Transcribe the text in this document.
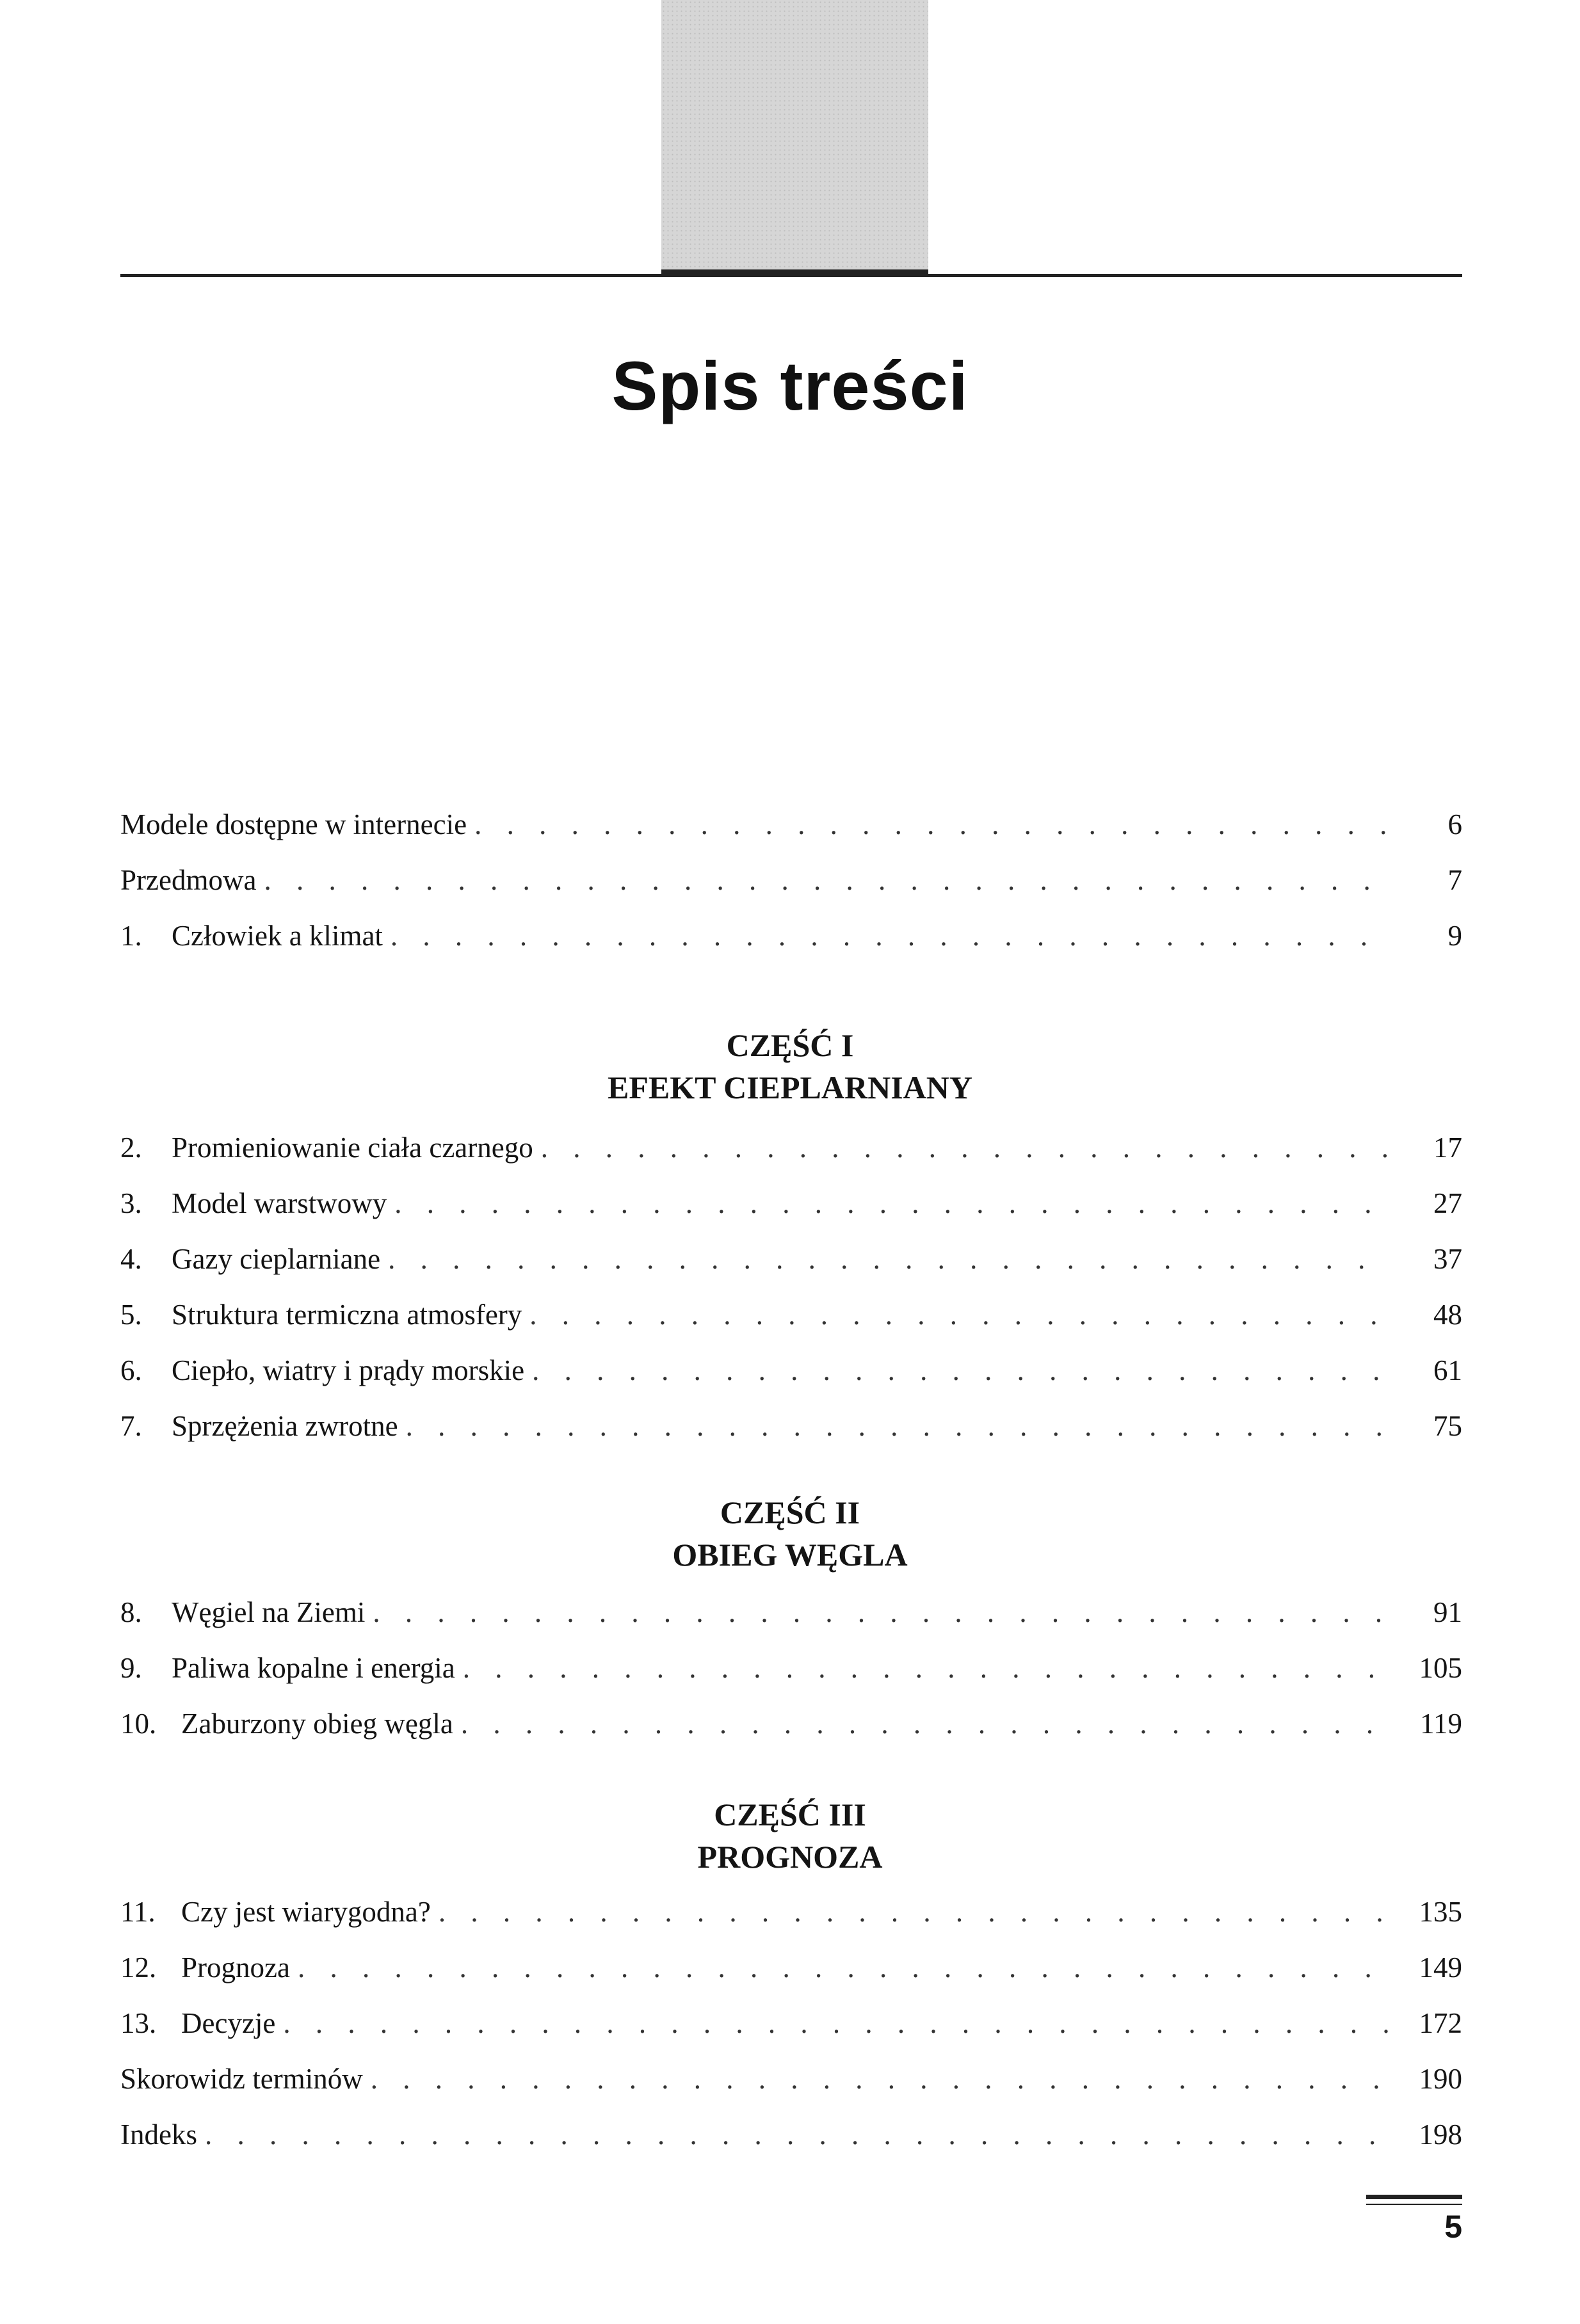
Spis treści
Modele dostępne w internecie . . .	6
Przedmowa . . .	7
1.	Człowiek a klimat . . .	9
CZĘŚĆ I
EFEKT CIEPLARNIANY
2.	Promieniowanie ciała czarnego . . .	17
3.	Model warstwowy . . .	27
4.	Gazy cieplarniane . . .	37
5.	Struktura termiczna atmosfery . . .	48
6.	Ciepło, wiatry i prądy morskie . . .	61
7.	Sprzężenia zwrotne . . .	75
CZĘŚĆ II
OBIEG WĘGLA
8.	Węgiel na Ziemi . . .	91
9.	Paliwa kopalne i energia . . .	105
10. Zaburzony obieg węgla . . .	119
CZĘŚĆ III
PROGNOZA
11. Czy jest wiarygodna? . . .	135
12. Prognoza . . .	149
13. Decyzje . . .	172
Skorowidz terminów . . .	190
Indeks . . .	198
5
